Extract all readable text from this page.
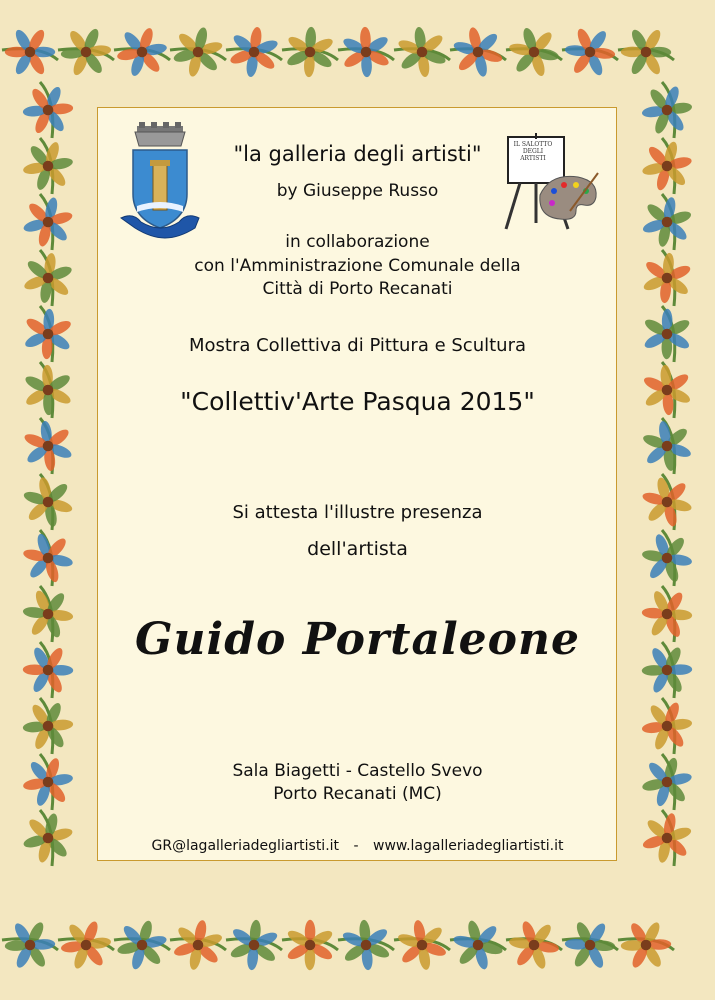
IL SALOTTO DEGLI ARTISTI
"la galleria degli artisti"
by Giuseppe Russo
in collaborazione
con l'Amministrazione Comunale della
Città di Porto Recanati
Mostra Collettiva di Pittura e Scultura
"Collettiv'Arte Pasqua 2015"
Si attesta l'illustre presenza
dell'artista
Guido Portaleone
Sala Biagetti - Castello Svevo
Porto Recanati (MC)
GR@lagalleriadegliartisti.it - www.lagalleriadegliartisti.it
